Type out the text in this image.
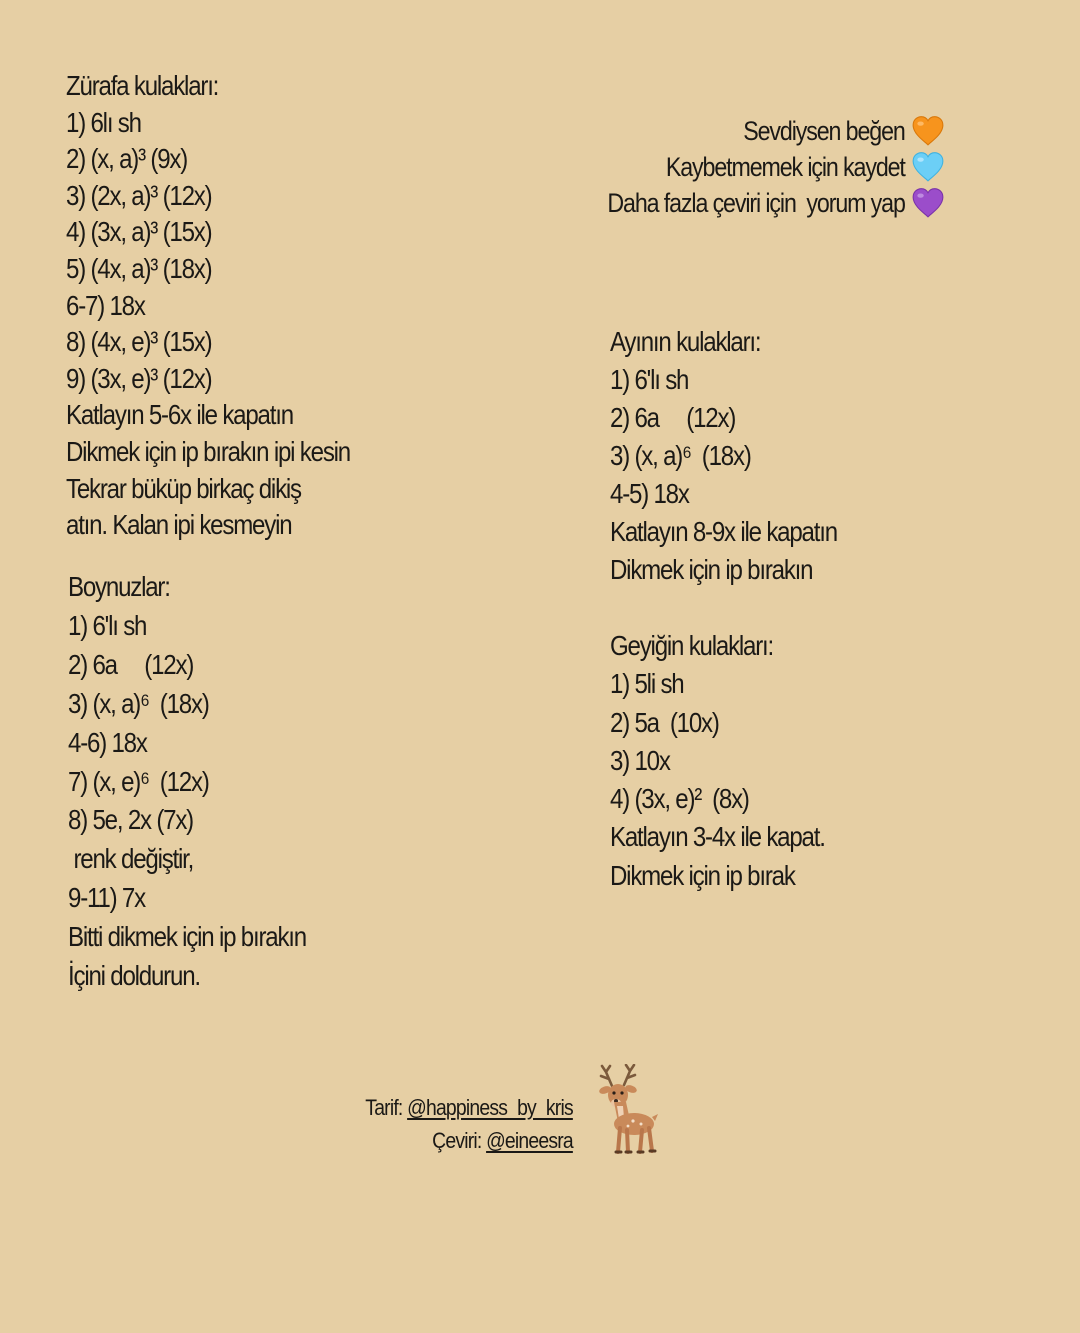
Zürafa kulakları:
1) 6lı sh
2) (x, a)³ (9x)
3) (2x, a)³ (12x)
4) (3x, a)³ (15x)
5) (4x, a)³ (18x)
6-7) 18x
8) (4x, e)³ (15x)
9) (3x, e)³ (12x)
Katlayın 5-6x ile kapatın
Dikmek için ip bırakın ipi kesin
Tekrar büküp birkaç dikiş
atın. Kalan ipi kesmeyin
Boynuzlar:
1) 6'lı sh
2) 6a     (12x)
3) (x, a)⁶  (18x)
4-6) 18x
7) (x, e)⁶  (12x)
8) 5e, 2x (7x)
renk değiştir,
9-11) 7x
Bitti dikmek için ip bırakın
İçini doldurun.
Sevdiysen beğen
Kaybetmemek için kaydet
Daha fazla çeviri için  yorum yap
Ayının kulakları:
1) 6'lı sh
2) 6a     (12x)
3) (x, a)⁶  (18x)
4-5) 18x
Katlayın 8-9x ile kapatın
Dikmek için ip bırakın
Geyiğin kulakları:
1) 5li sh
2) 5a  (10x)
3) 10x
4) (3x, e)²  (8x)
Katlayın 3-4x ile kapat.
Dikmek için ip bırak
Tarif: @happiness_by_kris
Çeviri: @eineesra
